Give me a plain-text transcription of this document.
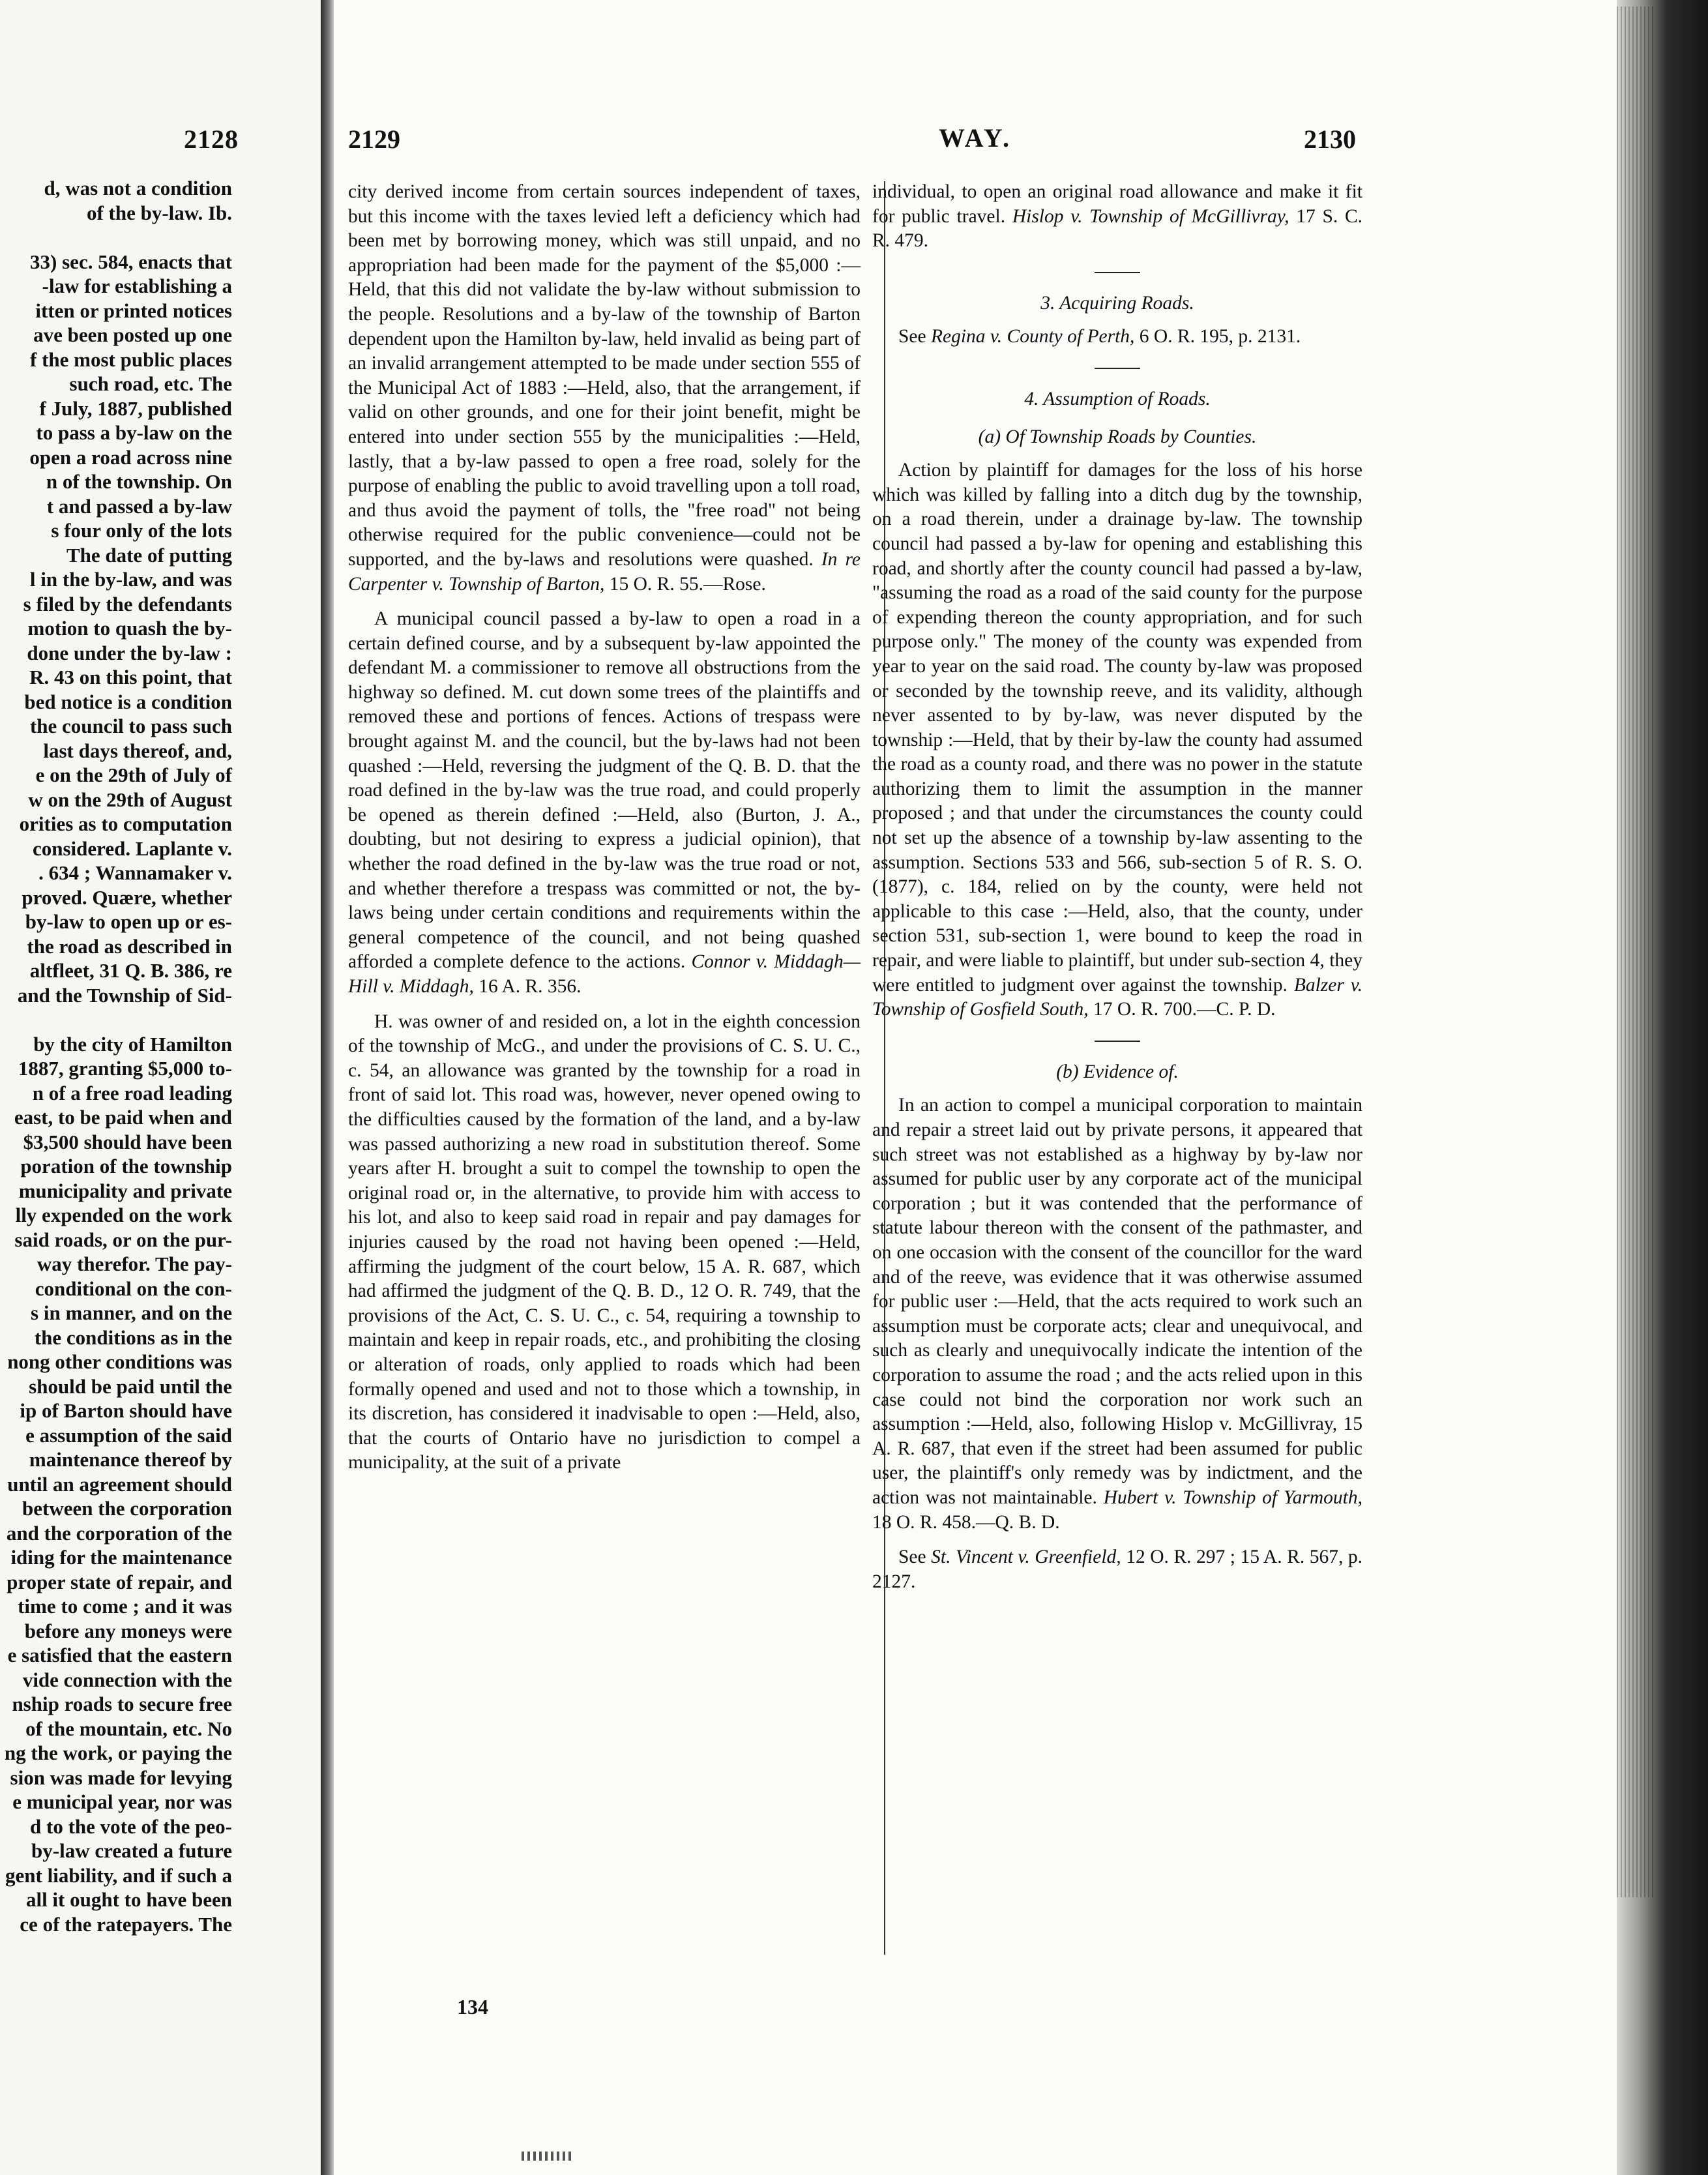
2128
d, was not a condition
of the by-law. Ib.
33) sec. 584, enacts that
-law for establishing a
itten or printed notices
ave been posted up one
f the most public places
such road, etc. The
f July, 1887, published
to pass a by-law on the
open a road across nine
n of the township. On
t and passed a by-law
s four only of the lots
The date of putting
l in the by-law, and was
s filed by the defendants
motion to quash the by-
done under the by-law :
R. 43 on this point, that
bed notice is a condition
the council to pass such
last days thereof, and,
e on the 29th of July of
w on the 29th of August
orities as to computation
considered. Laplante v.
. 634 ; Wannamaker v.
proved. Quære, whether
by-law to open up or es-
the road as described in
altfleet, 31 Q. B. 386, re
and the Township of Sid-
by the city of Hamilton
1887, granting $5,000 to-
n of a free road leading
east, to be paid when and
$3,500 should have been
poration of the township
municipality and private
lly expended on the work
said roads, or on the pur-
way therefor. The pay-
conditional on the con-
s in manner, and on the
the conditions as in the
nong other conditions was
should be paid until the
ip of Barton should have
e assumption of the said
maintenance thereof by
until an agreement should
between the corporation
and the corporation of the
iding for the maintenance
proper state of repair, and
time to come ; and it was
before any moneys were
e satisfied that the eastern
vide connection with the
nship roads to secure free
of the mountain, etc. No
ng the work, or paying the
sion was made for levying
e municipal year, nor was
d to the vote of the peo-
by-law created a future
gent liability, and if such a
all it ought to have been
ce of the ratepayers. The
2129	WAY.	2130

city derived income from certain sources independent of taxes, but this income with the taxes levied left a deficiency which had been met by borrowing money, which was still unpaid, and no appropriation had been made for the payment of the $5,000 :—Held, that this did not validate the by-law without submission to the people. Resolutions and a by-law of the township of Barton dependent upon the Hamilton by-law, held invalid as being part of an invalid arrangement attempted to be made under section 555 of the Municipal Act of 1883 :—Held, also, that the arrangement, if valid on other grounds, and one for their joint benefit, might be entered into under section 555 by the municipalities :—Held, lastly, that a by-law passed to open a free road, solely for the purpose of enabling the public to avoid travelling upon a toll road, and thus avoid the payment of tolls, the "free road" not being otherwise required for the public convenience—could not be supported, and the by-laws and resolutions were quashed. In re Carpenter v. Township of Barton, 15 O. R. 55.—Rose.

A municipal council passed a by-law to open a road in a certain defined course, and by a subsequent by-law appointed the defendant M. a commissioner to remove all obstructions from the highway so defined. M. cut down some trees of the plaintiffs and removed these and portions of fences. Actions of trespass were brought against M. and the council, but the by-laws had not been quashed :—Held, reversing the judgment of the Q. B. D. that the road defined in the by-law was the true road, and could properly be opened as therein defined :—Held, also (Burton, J. A., doubting, but not desiring to express a judicial opinion), that whether the road defined in the by-law was the true road or not, and whether therefore a trespass was committed or not, the by-laws being under certain conditions and requirements within the general competence of the council, and not being quashed afforded a complete defence to the actions. Connor v. Middagh—Hill v. Middagh, 16 A. R. 356.

H. was owner of and resided on, a lot in the eighth concession of the township of McG., and under the provisions of C. S. U. C., c. 54, an allowance was granted by the township for a road in front of said lot. This road was, however, never opened owing to the difficulties caused by the formation of the land, and a by-law was passed authorizing a new road in substitution thereof. Some years after H. brought a suit to compel the township to open the original road or, in the alternative, to provide him with access to his lot, and also to keep said road in repair and pay damages for injuries caused by the road not having been opened :—Held, affirming the judgment of the court below, 15 A. R. 687, which had affirmed the judgment of the Q. B. D., 12 O. R. 749, that the provisions of the Act, C. S. U. C., c. 54, requiring a township to maintain and keep in repair roads, etc., and prohibiting the closing or alteration of roads, only applied to roads which had been formally opened and used and not to those which a township, in its discretion, has considered it inadvisable to open :—Held, also, that the courts of Ontario have no jurisdiction to compel a municipality, at the suit of a private

individual, to open an original road allowance and make it fit for public travel. Hislop v. Township of McGillivray, 17 S. C. R. 479.

3. Acquiring Roads.

See Regina v. County of Perth, 6 O. R. 195, p. 2131.

4. Assumption of Roads.
(a) Of Township Roads by Counties.

Action by plaintiff for damages for the loss of his horse which was killed by falling into a ditch dug by the township, on a road therein, under a drainage by-law. The township council had passed a by-law for opening and establishing this road, and shortly after the county council had passed a by-law, "assuming the road as a road of the said county for the purpose of expending thereon the county appropriation, and for such purpose only." The money of the county was expended from year to year on the said road. The county by-law was proposed or seconded by the township reeve, and its validity, although never assented to by by-law, was never disputed by the township :—Held, that by their by-law the county had assumed the road as a county road, and there was no power in the statute authorizing them to limit the assumption in the manner proposed ; and that under the circumstances the county could not set up the absence of a township by-law assenting to the assumption. Sections 533 and 566, sub-section 5 of R. S. O. (1877), c. 184, relied on by the county, were held not applicable to this case :—Held, also, that the county, under section 531, sub-section 1, were bound to keep the road in repair, and were liable to plaintiff, but under sub-section 4, they were entitled to judgment over against the township. Balzer v. Township of Gosfield South, 17 O. R. 700.—C. P. D.

(b) Evidence of.

In an action to compel a municipal corporation to maintain and repair a street laid out by private persons, it appeared that such street was not established as a highway by by-law nor assumed for public user by any corporate act of the municipal corporation ; but it was contended that the performance of statute labour thereon with the consent of the pathmaster, and on one occasion with the consent of the councillor for the ward and of the reeve, was evidence that it was otherwise assumed for public user :—Held, that the acts required to work such an assumption must be corporate acts; clear and unequivocal, and such as clearly and unequivocally indicate the intention of the corporation to assume the road ; and the acts relied upon in this case could not bind the corporation nor work such an assumption :—Held, also, following Hislop v. McGillivray, 15 A. R. 687, that even if the street had been assumed for public user, the plaintiff's only remedy was by indictment, and the action was not maintainable. Hubert v. Township of Yarmouth, 18 O. R. 458.—Q. B. D.

See St. Vincent v. Greenfield, 12 O. R. 297 ; 15 A. R. 567, p. 2127.

134
